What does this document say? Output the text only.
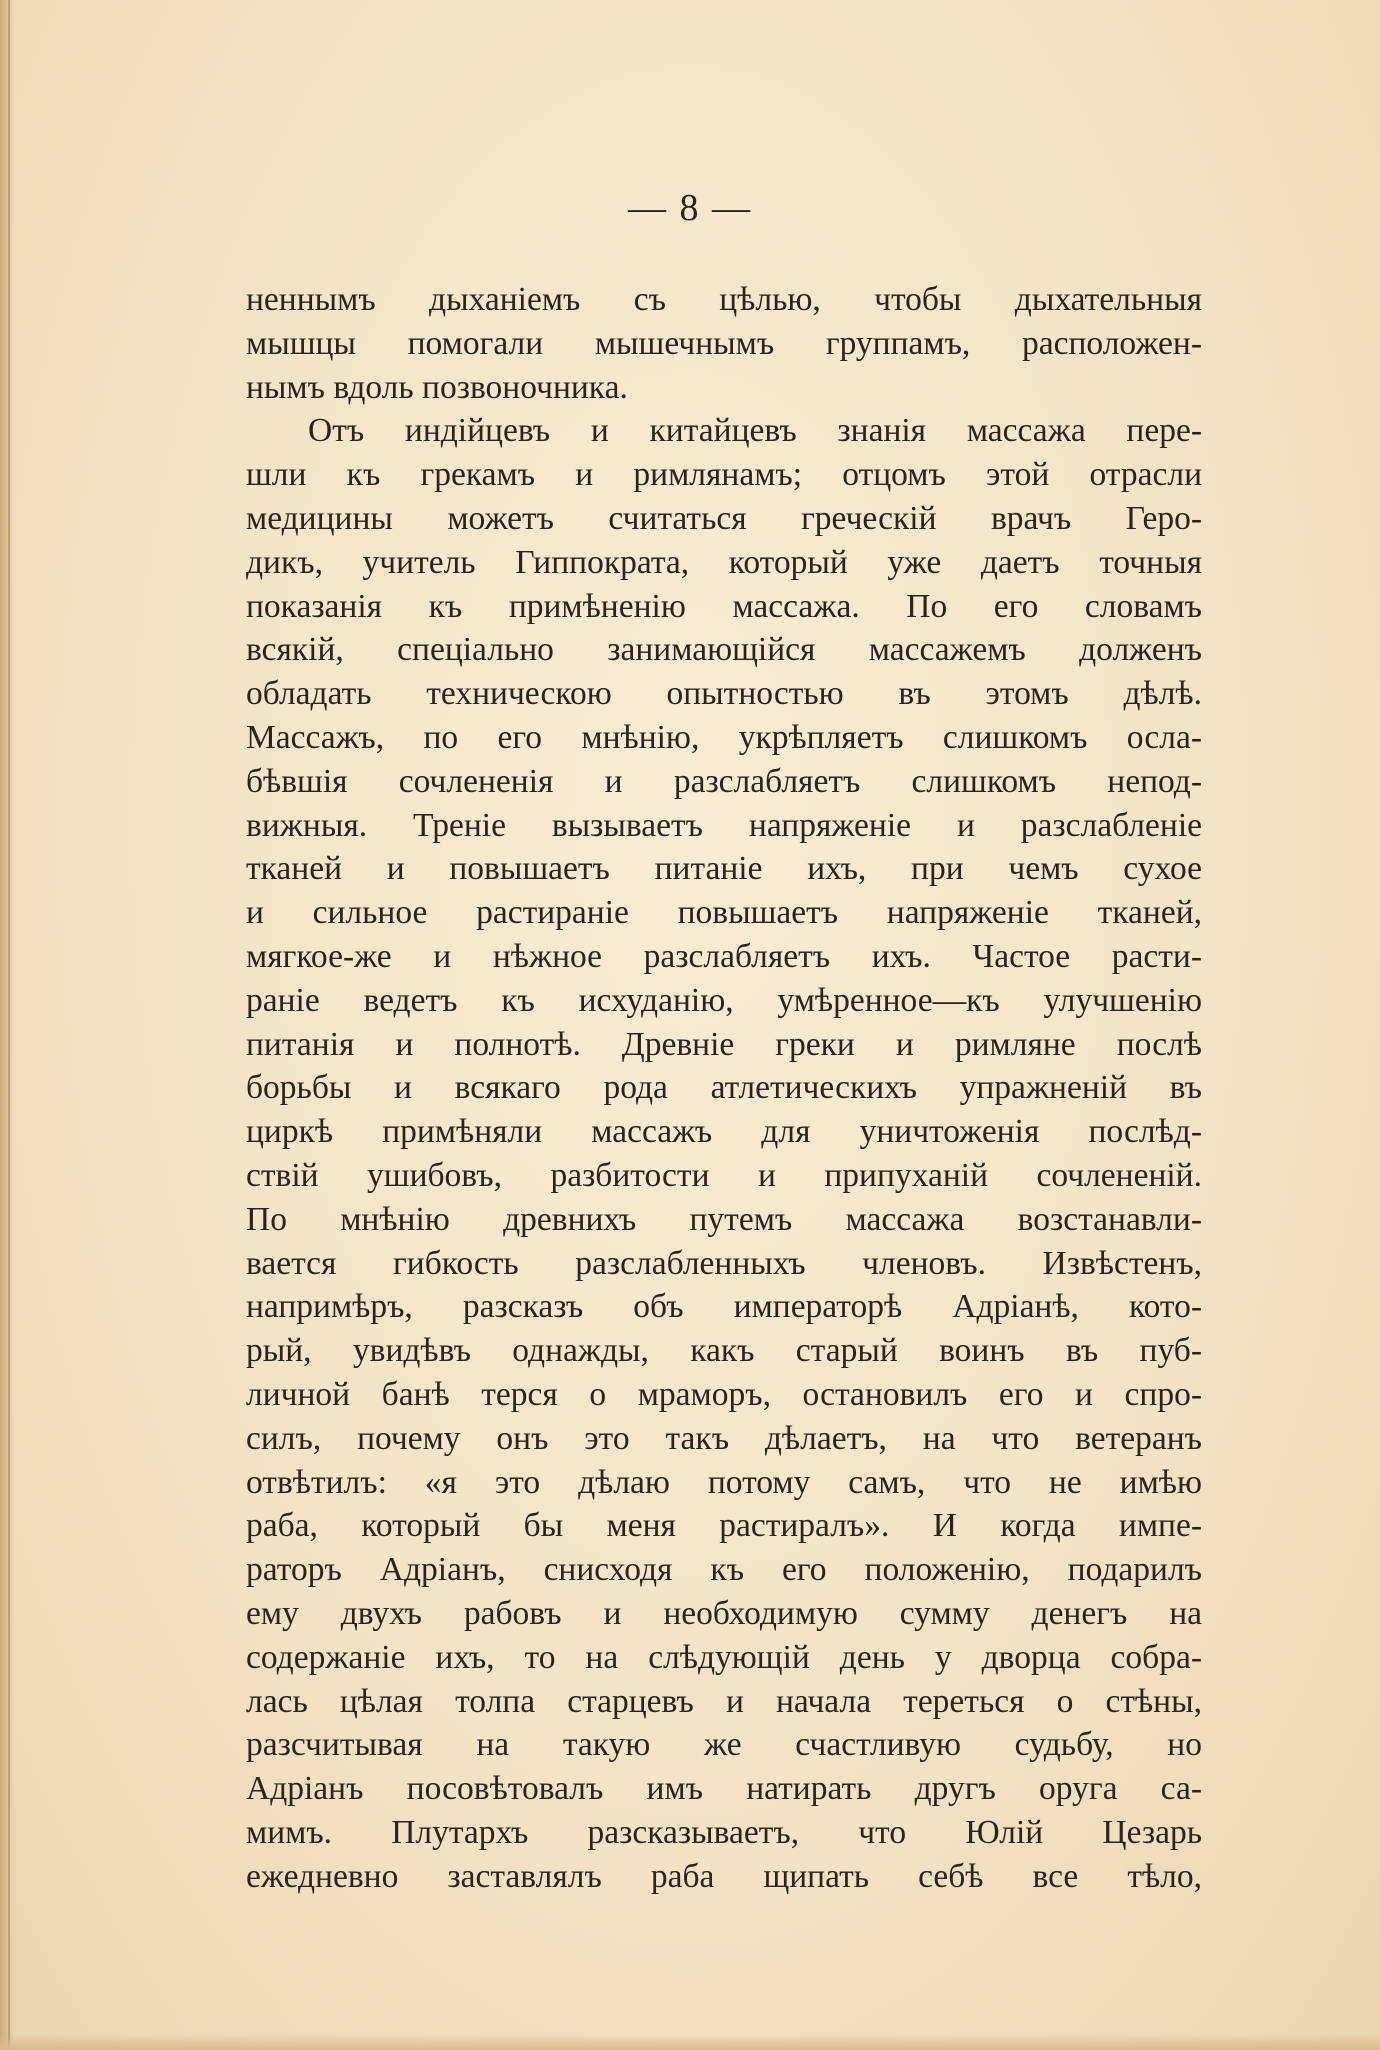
— 8 —
неннымъ дыханіемъ съ цѣлью, чтобы дыхательныя
мышцы помогали мышечнымъ группамъ, расположен-
нымъ вдоль позвоночника.
Отъ индійцевъ и китайцевъ знанія массажа пере-
шли къ грекамъ и римлянамъ; отцомъ этой отрасли
медицины можетъ считаться греческій врачъ Геро-
дикъ, учитель Гиппократа, который уже даетъ точныя
показанія къ примѣненію массажа. По его словамъ
всякій, спеціально занимающійся массажемъ долженъ
обладать техническою опытностью въ этомъ дѣлѣ.
Массажъ, по его мнѣнію, укрѣпляетъ слишкомъ осла-
бѣвшія сочлененія и разслабляетъ слишкомъ непод-
вижныя. Треніе вызываетъ напряженіе и разслабленіе
тканей и повышаетъ питаніе ихъ, при чемъ сухое
и сильное растираніе повышаетъ напряженіе тканей,
мягкое-же и нѣжное разслабляетъ ихъ. Частое расти-
раніе ведетъ къ исхуданію, умѣренное—къ улучшенію
питанія и полнотѣ. Древніе греки и римляне послѣ
борьбы и всякаго рода атлетическихъ упражненій въ
циркѣ примѣняли массажъ для уничтоженія послѣд-
ствій ушибовъ, разбитости и припуханій сочлененій.
По мнѣнію древнихъ путемъ массажа возстанавли-
вается гибкость разслабленныхъ членовъ. Извѣстенъ,
напримѣръ, разсказъ объ императорѣ Адріанѣ, кото-
рый, увидѣвъ однажды, какъ старый воинъ въ пуб-
личной банѣ терся о мраморъ, остановилъ его и спро-
силъ, почему онъ это такъ дѣлаетъ, на что ветеранъ
отвѣтилъ: «я это дѣлаю потому самъ, что не имѣю
раба, который бы меня растиралъ». И когда импе-
раторъ Адріанъ, снисходя къ его положенію, подарилъ
ему двухъ рабовъ и необходимую сумму денегъ на
содержаніе ихъ, то на слѣдующій день у дворца собра-
лась цѣлая толпа старцевъ и начала тереться о стѣны,
разсчитывая на такую же счастливую судьбу, но
Адріанъ посовѣтовалъ имъ натирать другъ оруга са-
мимъ. Плутархъ разсказываетъ, что Юлій Цезарь
ежедневно заставлялъ раба щипать себѣ все тѣло,
